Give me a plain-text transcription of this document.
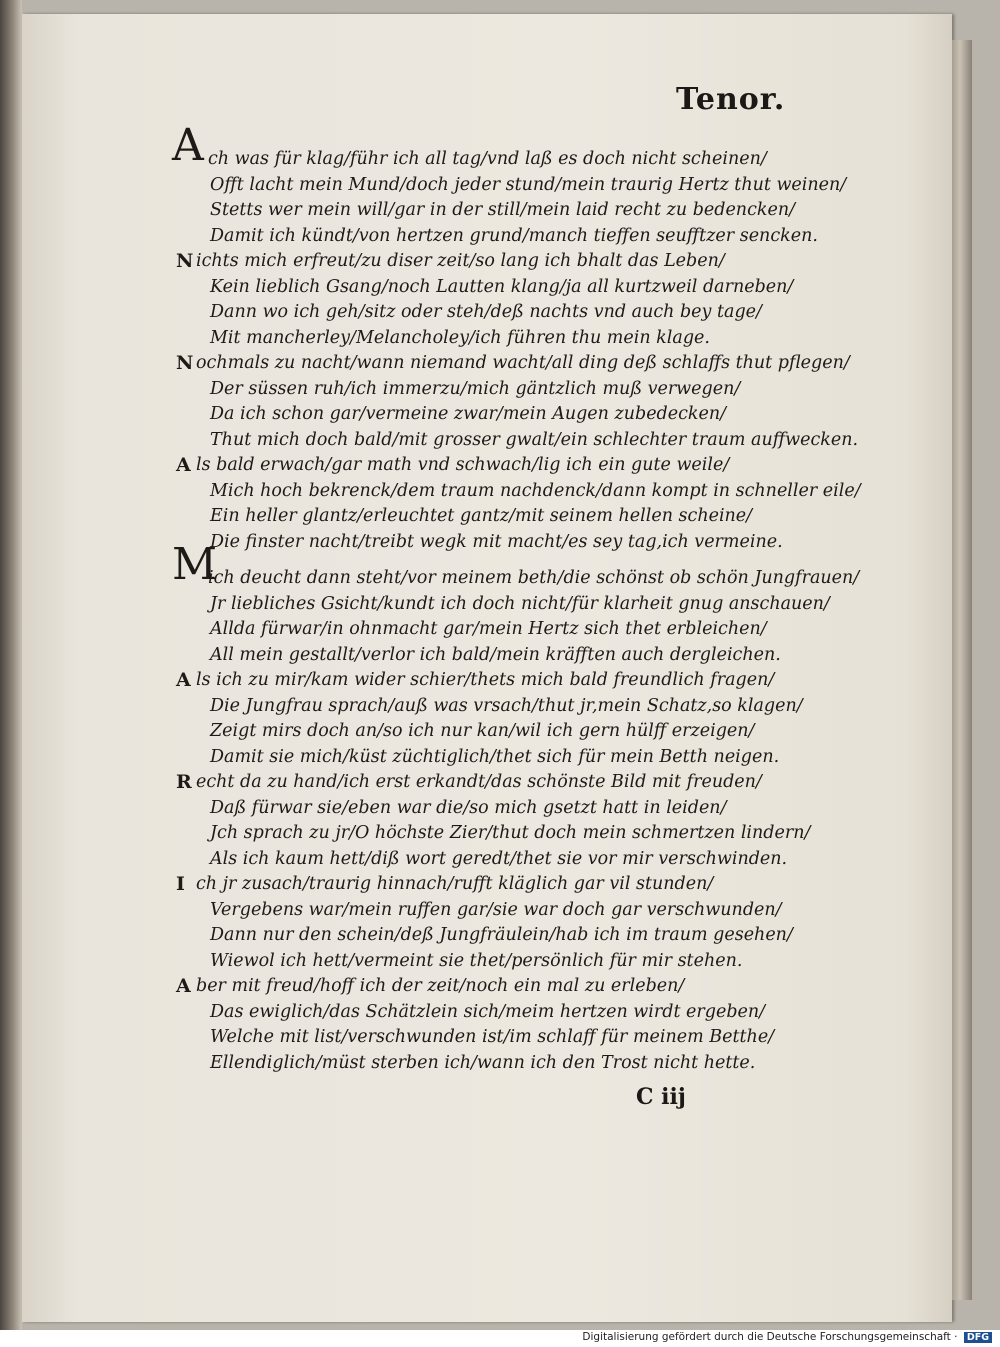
Tenor.
A ch was für klag/führ ich all tag/vnd laß es doch nicht scheinen/
Offt lacht mein Mund/doch jeder stund/mein traurig Hertz thut weinen/
Stetts wer mein will/gar in der still/mein laid recht zu bedencken/
Damit ich kündt/von hertzen grund/manch tieffen seufftzer sencken.
N ichts mich erfreut/zu diser zeit/so lang ich bhalt das Leben/
Kein lieblich Gsang/noch Lautten klang/ja all kurtzweil darneben/
Dann wo ich geh/sitz oder steh/deß nachts vnd auch bey tage/
Mit mancherley/Melancholey/ich führen thu mein klage.
N ochmals zu nacht/wann niemand wacht/all ding deß schlaffs thut pflegen/
Der süssen ruh/ich immerzu/mich gäntzlich muß verwegen/
Da ich schon gar/vermeine zwar/mein Augen zubedecken/
Thut mich doch bald/mit grosser gwalt/ein schlechter traum auffwecken.
A ls bald erwach/gar math vnd schwach/lig ich ein gute weile/
Mich hoch bekrenck/dem traum nachdenck/dann kompt in schneller eile/
Ein heller glantz/erleuchtet gantz/mit seinem hellen scheine/
Die finster nacht/treibt wegk mit macht/es sey tag,ich vermeine.
M
ich deucht dann steht/vor meinem beth/die schönst ob schön Jungfrauen/
Jr liebliches Gsicht/kundt ich doch nicht/für klarheit gnug anschauen/
Allda fürwar/in ohnmacht gar/mein Hertz sich thet erbleichen/
All mein gestallt/verlor ich bald/mein kräfften auch dergleichen.
A ls ich zu mir/kam wider schier/thets mich bald freundlich fragen/
Die Jungfrau sprach/auß was vrsach/thut jr,mein Schatz,so klagen/
Zeigt mirs doch an/so ich nur kan/wil ich gern hülff erzeigen/
Damit sie mich/küst züchtiglich/thet sich für mein Betth neigen.
R echt da zu hand/ich erst erkandt/das schönste Bild mit freuden/
Daß fürwar sie/eben war die/so mich gsetzt hatt in leiden/
Jch sprach zu jr/O höchste Zier/thut doch mein schmertzen lindern/
Als ich kaum hett/diß wort geredt/thet sie vor mir verschwinden.
I ch jr zusach/traurig hinnach/rufft kläglich gar vil stunden/
Vergebens war/mein ruffen gar/sie war doch gar verschwunden/
Dann nur den schein/deß Jungfräulein/hab ich im traum gesehen/
Wiewol ich hett/vermeint sie thet/persönlich für mir stehen.
A ber mit freud/hoff ich der zeit/noch ein mal zu erleben/
Das ewiglich/das Schätzlein sich/meim hertzen wirdt ergeben/
Welche mit list/verschwunden ist/im schlaff für meinem Betthe/
Ellendiglich/müst sterben ich/wann ich den Trost nicht hette.
C iij
Digitalisierung gefördert durch die Deutsche Forschungsgemeinschaft · DFG
